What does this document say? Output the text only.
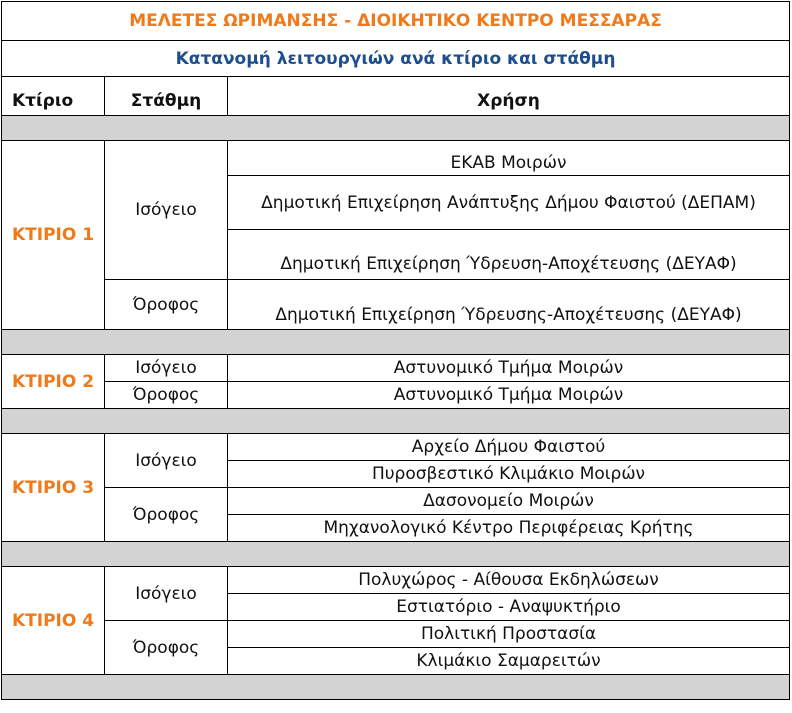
ΜΕΛΕΤΕΣ ΩΡΙΜΑΝΣΗΣ - ΔΙΟΙΚΗΤΙΚΟ ΚΕΝΤΡΟ ΜΕΣΣΑΡΑΣ		
Κατανομή λειτουργιών ανά κτίριο και στάθμη		
Κτίριο	Στάθμη	Χρήση

ΚΤΙΡΙΟ 1	Ισόγειο	ΕΚΑΒ Μοιρών
		Δημοτική Επιχείρηση Ανάπτυξης Δήμου Φαιστού (ΔΕΠΑΜ)
		Δημοτική Επιχείρηση Ύδρευση-Αποχέτευσης (ΔΕΥΑΦ)
	Όροφος	Δημοτική Επιχείρηση Ύδρευσης-Αποχέτευσης (ΔΕΥΑΦ)

ΚΤΙΡΙΟ 2	Ισόγειο	Αστυνομικό Τμήμα Μοιρών
	Όροφος	Αστυνομικό Τμήμα Μοιρών

ΚΤΙΡΙΟ 3	Ισόγειο	Αρχείο Δήμου Φαιστού
		Πυροσβεστικό Κλιμάκιο Μοιρών
	Όροφος	Δασονομείο Μοιρών
		Μηχανολογικό Κέντρο Περιφέρειας Κρήτης

ΚΤΙΡΙΟ 4	Ισόγειο	Πολυχώρος - Αίθουσα Εκδηλώσεων
		Εστιατόριο - Αναψυκτήριο
	Όροφος	Πολιτική Προστασία
		Κλιμάκιο Σαμαρειτών
